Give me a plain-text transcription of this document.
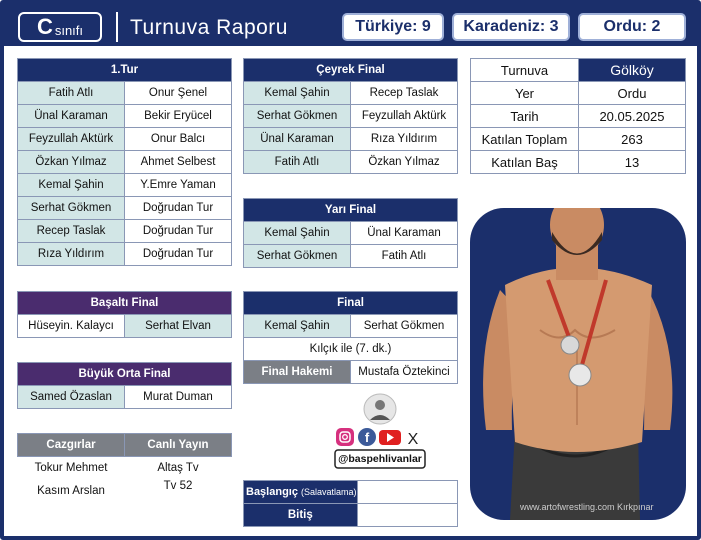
C sınıfı Turnuva Raporu	Türkiye: 9	Karadeniz: 3	Ordu: 2
1.Tur	
Fatih Atlı	Onur Şenel
Ünal Karaman	Bekir Eryücel
Feyzullah Aktürk	Onur Balcı
Özkan Yılmaz	Ahmet Selbest
Kemal Şahin	Y.Emre Yaman
Serhat Gökmen	Doğrudan Tur
Recep Taslak	Doğrudan Tur
Rıza Yıldırım	Doğrudan Tur
Çeyrek Final	
Kemal Şahin	Recep Taslak
Serhat Gökmen	Feyzullah Aktürk
Ünal Karaman	Rıza Yıldırım
Fatih Atlı	Özkan Yılmaz
Yarı Final	
Kemal Şahin	Ünal Karaman
Serhat Gökmen	Fatih Atlı
Final	
Kemal Şahin	Serhat Gökmen
Kılçık ile (7. dk.)	
Final Hakemi	Mustafa Öztekinci
Turnuva	Gölköy
Yer	Ordu
Tarih	20.05.2025
Katılan Toplam	263
Katılan Baş	13
Başaltı Final
Hüseyin. Kalaycı	Serhat Elvan
Büyük Orta Final
Samed Özaslan	Murat Duman
Cazgırlar	Canlı Yayın
Tokur Mehmet	Altaş Tv
Kasım Arslan	Tv 52
Başlangıç (Salavatlama)	
Bitiş	
f X
@baspehlivanlar
www.artofwrestling.com Kırkpınar
